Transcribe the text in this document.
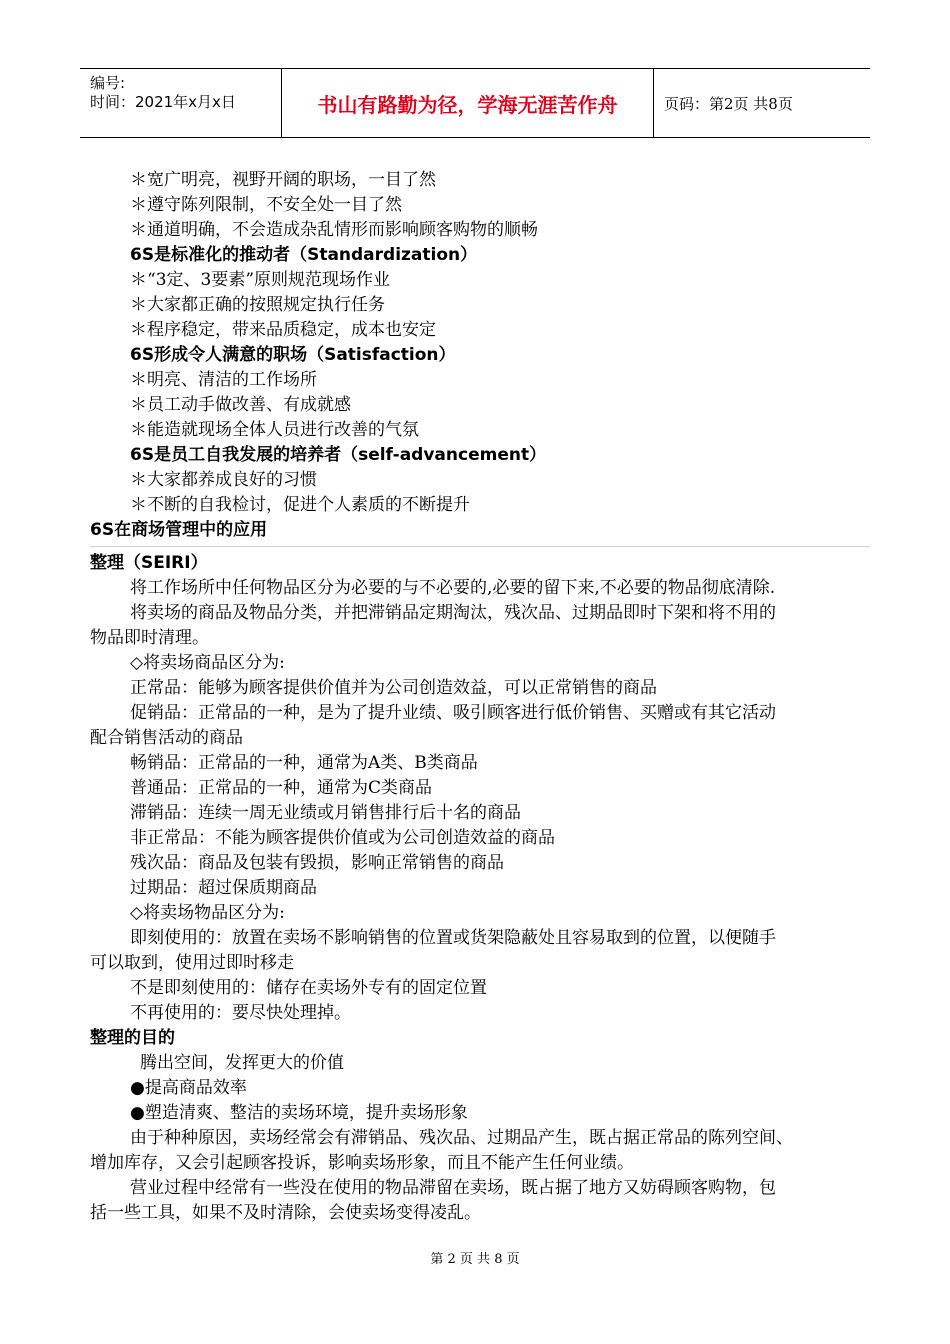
编号:
时间：2021年x月x日	书山有路勤为径，学海无涯苦作舟	页码：第2页 共8页
＊宽广明亮，视野开阔的职场，一目了然
＊遵守陈列限制，不安全处一目了然
＊通道明确，不会造成杂乱情形而影响顾客购物的顺畅
6S是标准化的推动者（Standardization）
＊“3定、3要素”原则规范现场作业
＊大家都正确的按照规定执行任务
＊程序稳定，带来品质稳定，成本也安定
6S形成令人满意的职场（Satisfaction）
＊明亮、清洁的工作场所
＊员工动手做改善、有成就感
＊能造就现场全体人员进行改善的气氛
6S是员工自我发展的培养者（self-advancement）
＊大家都养成良好的习惯
＊不断的自我检讨，促进个人素质的不断提升
6S在商场管理中的应用
整理（SEIRI）
将工作场所中任何物品区分为必要的与不必要的,必要的留下来,不必要的物品彻底清除.
将卖场的商品及物品分类，并把滞销品定期淘汰，残次品、过期品即时下架和将不用的
物品即时清理。
◇将卖场商品区分为:
正常品：能够为顾客提供价值并为公司创造效益，可以正常销售的商品
促销品：正常品的一种，是为了提升业绩、吸引顾客进行低价销售、买赠或有其它活动
配合销售活动的商品
畅销品：正常品的一种，通常为A类、B类商品
普通品：正常品的一种，通常为C类商品
滞销品：连续一周无业绩或月销售排行后十名的商品
非正常品：不能为顾客提供价值或为公司创造效益的商品
残次品：商品及包装有毁损，影响正常销售的商品
过期品：超过保质期商品
◇将卖场物品区分为:
即刻使用的：放置在卖场不影响销售的位置或货架隐蔽处且容易取到的位置，以便随手
可以取到，使用过即时移走
不是即刻使用的：储存在卖场外专有的固定位置
不再使用的：要尽快处理掉。
整理的目的
腾出空间，发挥更大的价值
●提高商品效率
●塑造清爽、整洁的卖场环境，提升卖场形象
由于种种原因，卖场经常会有滞销品、残次品、过期品产生，既占据正常品的陈列空间、
增加库存，又会引起顾客投诉，影响卖场形象，而且不能产生任何业绩。
营业过程中经常有一些没在使用的物品滞留在卖场，既占据了地方又妨碍顾客购物，包
括一些工具，如果不及时清除，会使卖场变得凌乱。
第 2 页 共 8 页
